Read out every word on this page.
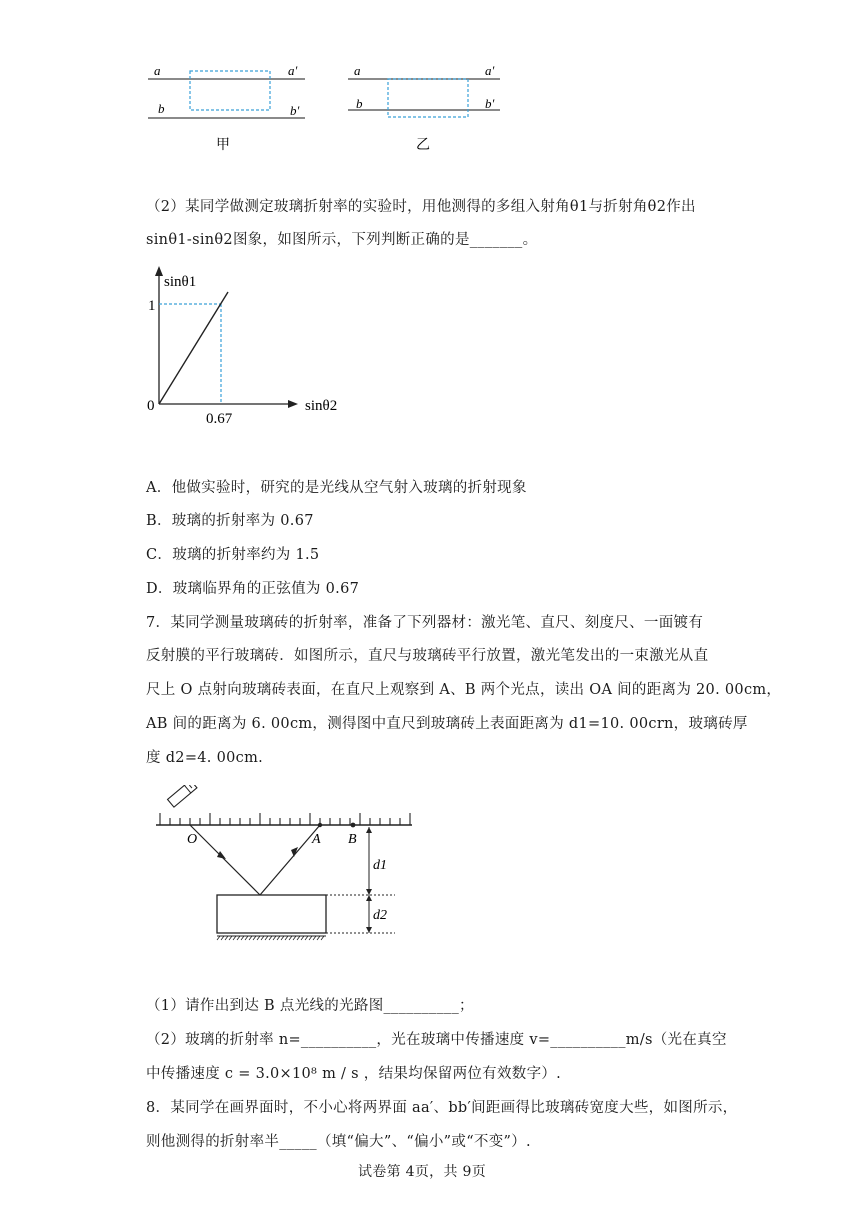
a	a′
b	b′
甲
a	a′
b	b′
乙
（2）某同学做测定玻璃折射率的实验时，用他测得的多组入射角θ1与折射角θ2作出
sinθ1-sinθ2图象，如图所示，下列判断正确的是_______。
sinθ1
sinθ2
1
0
0.67
A．他做实验时，研究的是光线从空气射入玻璃的折射现象
B．玻璃的折射率为 0.67
C．玻璃的折射率约为 1.5
D．玻璃临界角的正弦值为 0.67
7．某同学测量玻璃砖的折射率，准备了下列器材：激光笔、直尺、刻度尺、一面镀有
反射膜的平行玻璃砖．如图所示，直尺与玻璃砖平行放置，激光笔发出的一束激光从直
尺上 O 点射向玻璃砖表面，在直尺上观察到 A、B 两个光点，读出 OA 间的距离为 20. 00cm，
AB 间的距离为 6. 00cm，测得图中直尺到玻璃砖上表面距离为 d1=10. 00crn，玻璃砖厚
度 d2=4. 00cm.
O	A B
d1
d2
（1）请作出到达 B 点光线的光路图__________；
（2）玻璃的折射率 n=__________，光在玻璃中传播速度 v=__________m/s（光在真空
中传播速度 c = 3.0×10⁸ m / s ，结果均保留两位有效数字）.
8．某同学在画界面时，不小心将两界面 aa′、bb′间距画得比玻璃砖宽度大些，如图所示，
则他测得的折射率半_____（填“偏大”、“偏小”或“不变”）.
试卷第 4页，共 9页
